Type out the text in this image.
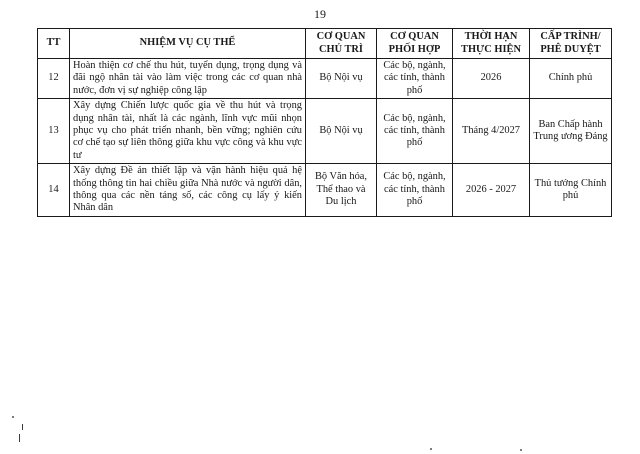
19
TT	NHIỆM VỤ CỤ THỂ	CƠ QUAN CHỦ TRÌ	CƠ QUAN PHỐI HỢP	THỜI HẠN THỰC HIỆN	CẤP TRÌNH/ PHÊ DUYỆT
12	Hoàn thiện cơ chế thu hút, tuyển dụng, trọng dụng và đãi ngộ nhân tài vào làm việc trong các cơ quan nhà nước, đơn vị sự nghiệp công lập	Bộ Nội vụ	Các bộ, ngành, các tỉnh, thành phố	2026	Chính phủ
13	Xây dựng Chiến lược quốc gia về thu hút và trọng dụng nhân tài, nhất là các ngành, lĩnh vực mũi nhọn phục vụ cho phát triển nhanh, bền vững; nghiên cứu cơ chế tạo sự liên thông giữa khu vực công và khu vực tư	Bộ Nội vụ	Các bộ, ngành, các tỉnh, thành phố	Tháng 4/2027	Ban Chấp hành Trung ương Đảng
14	Xây dựng Đề án thiết lập và vận hành hiệu quả hệ thống thông tin hai chiều giữa Nhà nước và người dân, thông qua các nền tảng số, các công cụ lấy ý kiến Nhân dân	Bộ Văn hóa, Thể thao và Du lịch	Các bộ, ngành, các tỉnh, thành phố	2026 - 2027	Thủ tướng Chính phủ
